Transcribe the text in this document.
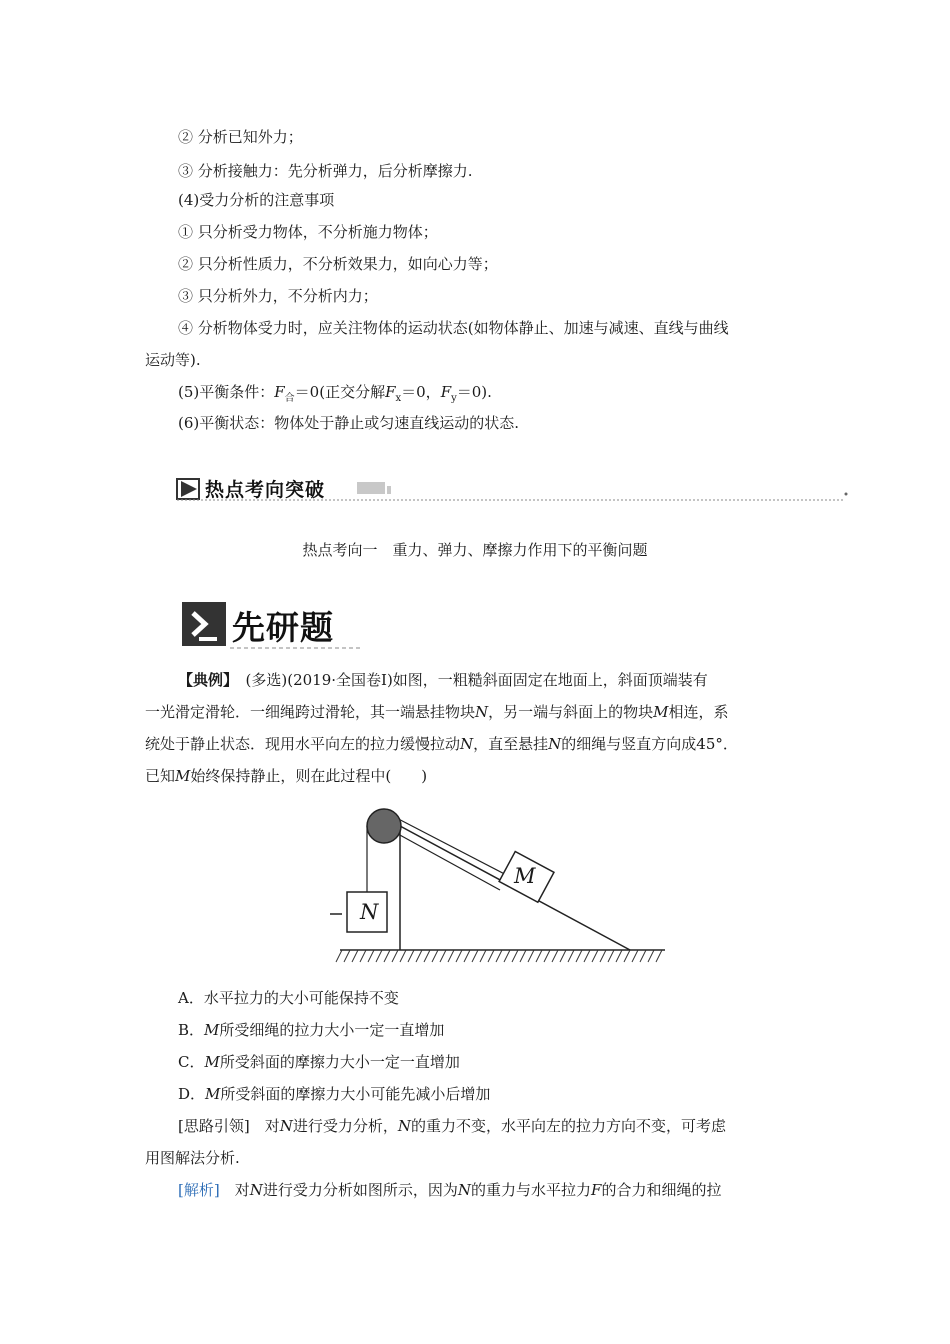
② 分析已知外力；
③ 分析接触力：先分析弹力，后分析摩擦力.
(4)受力分析的注意事项
① 只分析受力物体，不分析施力物体；
② 只分析性质力，不分析效果力，如向心力等；
③ 只分析外力，不分析内力；
④ 分析物体受力时，应关注物体的运动状态(如物体静止、加速与减速、直线与曲线
运动等).
(5)平衡条件：$F_合=0$(正交分解$F_x=0$，$F_y=0$).
(6)平衡状态：物体处于静止或匀速直线运动的状态.
热点考向突破
热点考向一　重力、弹力、摩擦力作用下的平衡问题
先研题
【典例】　(多选)(2019·全国卷Ⅰ)如图，一粗糙斜面固定在地面上，斜面顶端装有
一光滑定滑轮．一细绳跨过滑轮，其一端悬挂物块N，另一端与斜面上的物块M相连，系
统处于静止状态．现用水平向左的拉力缓慢拉动N，直至悬挂N的细绳与竖直方向成45°．
已知M始终保持静止，则在此过程中(　　)
M
N
A．水平拉力的大小可能保持不变
B．M所受细绳的拉力大小一定一直增加
C．M所受斜面的摩擦力大小一定一直增加
D．M所受斜面的摩擦力大小可能先减小后增加
[思路引领]　对N进行受力分析，N的重力不变，水平向左的拉力方向不变，可考虑
用图解法分析.
[解析]　对N进行受力分析如图所示，因为N的重力与水平拉力F的合力和细绳的拉
